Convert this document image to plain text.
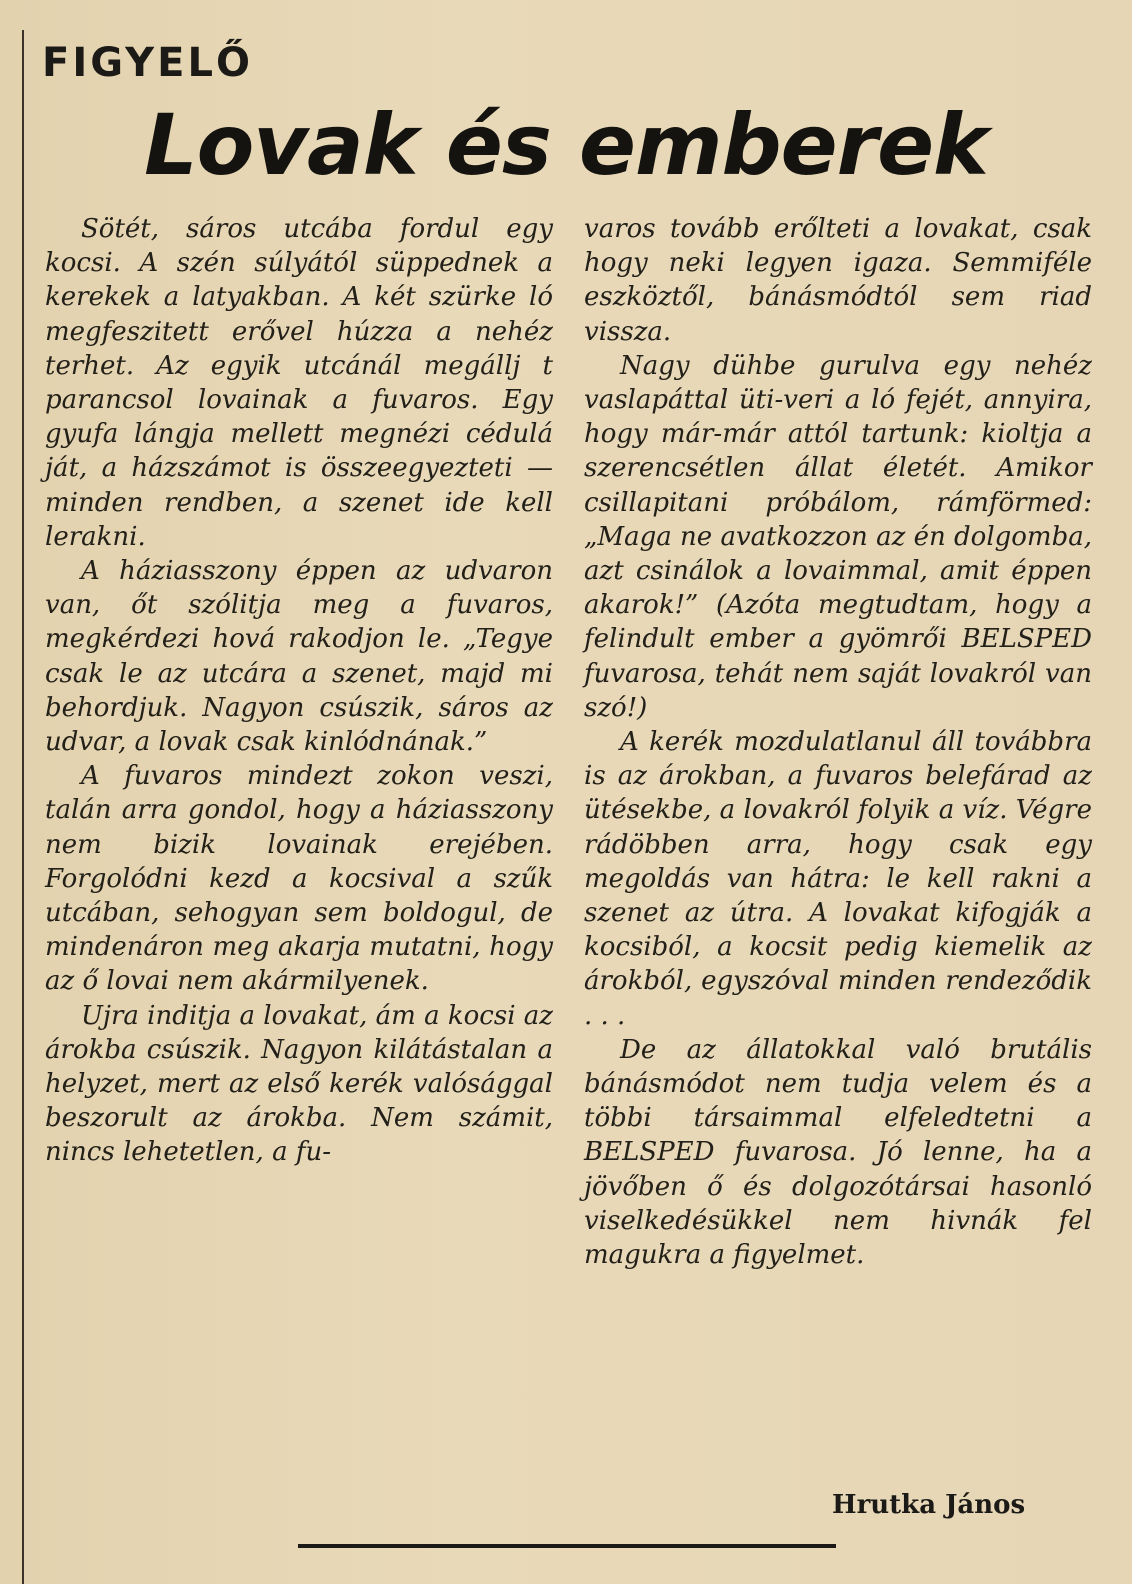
FIGYELŐ
Lovak és emberek

Sötét, sáros utcába fordul egy kocsi. A szén súlyától süppednek a kerekek a latyakban. A két szürke ló megfeszitett erővel húzza a nehéz terhet. Az egyik utcánál megállj t parancsol lovainak a fuvaros. Egy gyufa lángja mellett megnézi cédulá ját, a házszámot is összeegyezteti — minden rendben, a szenet ide kell lerakni.

A háziasszony éppen az udvaron van, őt szólitja meg a fuvaros, megkérdezi hová rakodjon le. „Tegye csak le az utcára a szenet, majd mi behordjuk. Nagyon csúszik, sáros az udvar, a lovak csak kinlódnának.”

A fuvaros mindezt zokon veszi, talán arra gondol, hogy a háziasszony nem bizik lovainak erejében. Forgolódni kezd a kocsival a szűk utcában, sehogyan sem boldogul, de mindenáron meg akarja mutatni, hogy az ő lovai nem akármilyenek.

Ujra inditja a lovakat, ám a kocsi az árokba csúszik. Nagyon kilátástalan a helyzet, mert az első kerék valósággal beszorult az árokba. Nem számit, nincs lehetetlen, a fu-

varos tovább erőlteti a lovakat, csak hogy neki legyen igaza. Semmiféle eszköztől, bánásmódtól sem riad vissza.

Nagy dühbe gurulva egy nehéz vaslapáttal üti-veri a ló fejét, annyira, hogy már-már attól tartunk: kioltja a szerencsétlen állat életét. Amikor csillapitani próbálom, rámförmed: „Maga ne avatkozzon az én dolgomba, azt csinálok a lovaimmal, amit éppen akarok!” (Azóta megtudtam, hogy a felindult ember a gyömrői BELSPED fuvarosa, tehát nem saját lovakról van szó!)

A kerék mozdulatlanul áll továbbra is az árokban, a fuvaros belefárad az ütésekbe, a lovakról folyik a víz. Végre rádöbben arra, hogy csak egy megoldás van hátra: le kell rakni a szenet az útra. A lovakat kifogják a kocsiból, a kocsit pedig kiemelik az árokból, egyszóval minden rendeződik . . .

De az állatokkal való brutális bánásmódot nem tudja velem és a többi társaimmal elfeledtetni a BELSPED fuvarosa. Jó lenne, ha a jövőben ő és dolgozótársai hasonló viselkedésükkel nem hivnák fel magukra a figyelmet.

Hrutka János
